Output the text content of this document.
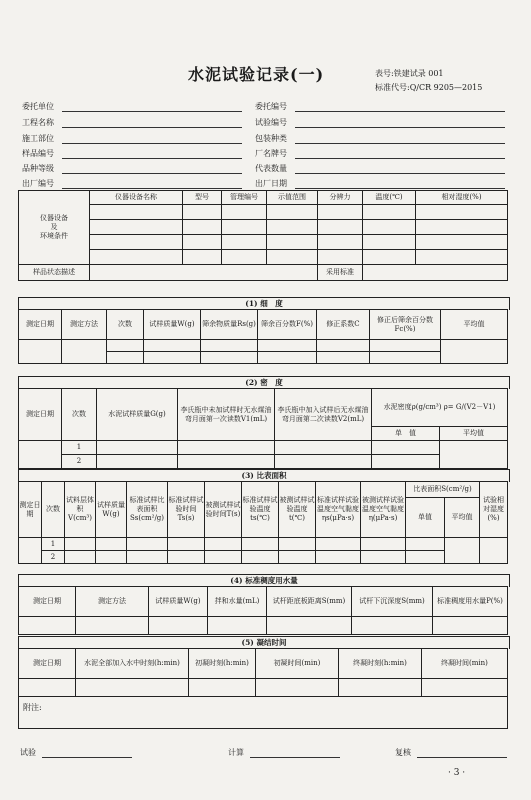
水泥试验记录(一)	表号:铁建试录 001
标准代号:Q/CR 9205—2015
委托单位
工程名称
施工部位
样品编号
品种等级
出厂编号
委托编号
试验编号
包装种类
厂名牌号
代表数量
出厂日期
仪器设备
及
环境条件	仪器设备名称	型号	管理编号	示值范围	分辨力	温度(℃)	相对湿度(%)

样品状态描述					采用标准		
(1) 细　度
测定日期	测定方法	次数	试样质量W(g)	筛余物质量Rs(g)	筛余百分数F(%)	修正系数C	修正后筛余百分数Fc(%)	平均值

(2) 密　度
测定日期	次数	水泥试样质量G(g)	李氏瓶中未加试样时无水煤油弯月面第一次读数V1(mL)	李氏瓶中加入试样后无水煤油弯月面第二次读数V2(mL)	水泥密度ρ(g/cm³) ρ= G/(V2－V1)	
					单　值	平均值
	1					
	2					
(3) 比表面积
测定日期	次数	试料层体积V(cm³)	试样质量W(g)	标准试样比表面积Ss(cm²/g)	标准试样试验时间Ts(s)	被测试样试验时间T(s)	标准试样试验温度ts(℃)	被测试样试验温度t(℃)	标准试样试验温度空气黏度ηs(μPa·s)	被测试样试验温度空气黏度η(μPa·s)	比表面积S(cm²/g)		试验相对湿度(%)
											单值	平均值	
	1												
	2												
(4) 标准稠度用水量
测定日期	测定方法	试样质量W(g)	拌和水量(mL)	试杆距底板距离S(mm)	试杆下沉深度S(mm)	标准稠度用水量P(%)

(5) 凝结时间
测定日期	水泥全部加入水中时刻(h:min)	初凝时刻(h:min)	初凝时间(min)	终凝时刻(h:min)	终凝时间(min)

附注:
试验	计算	复核
· 3 ·
